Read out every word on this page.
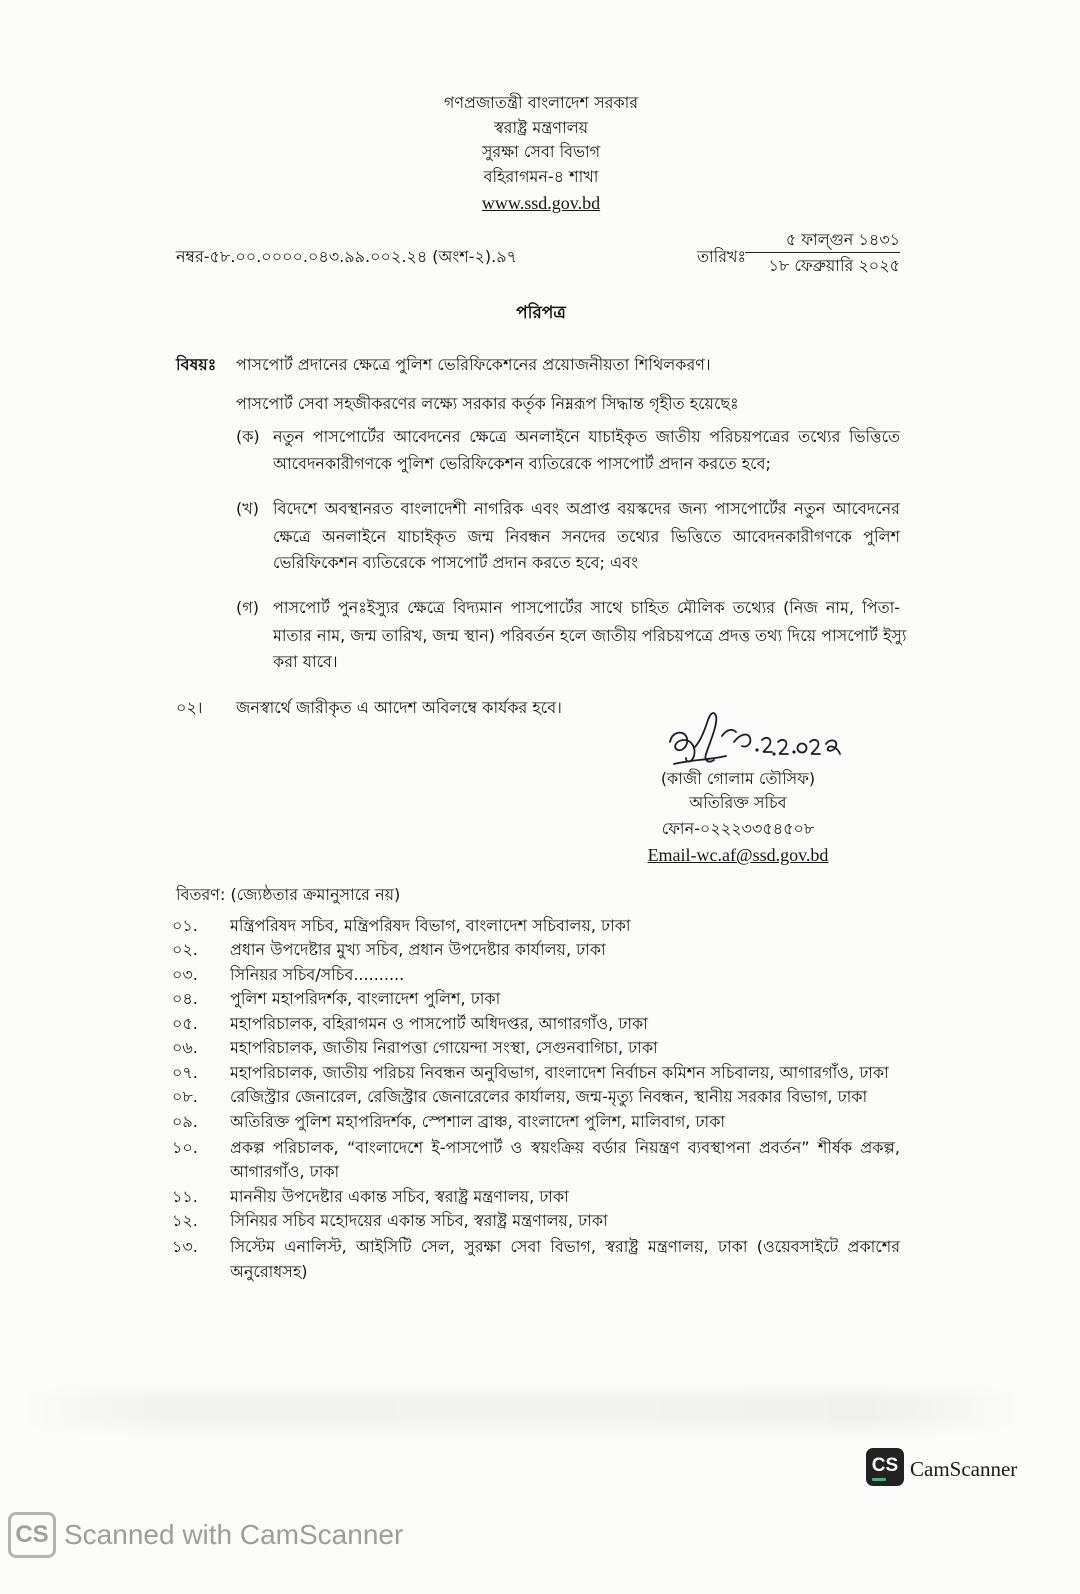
গণপ্রজাতন্ত্রী বাংলাদেশ সরকার

স্বরাষ্ট্র মন্ত্রণালয়

সুরক্ষা সেবা বিভাগ

বহিরাগমন-৪ শাখা

www.ssd.gov.bd

নম্বর-৫৮.০০.০০০০.০৪৩.৯৯.০০২.২৪ (অংশ-২).৯৭	তারিখঃ

৫ ফাল্গুন ১৪৩১

১৮ ফেব্রুয়ারি ২০২৫

পরিপত্র

বিষয়ঃ পাসপোর্ট প্রদানের ক্ষেত্রে পুলিশ ভেরিফিকেশনের প্রয়োজনীয়তা শিথিলকরণ।

পাসপোর্ট সেবা সহজীকরণের লক্ষ্যে সরকার কর্তৃক নিম্নরূপ সিদ্ধান্ত গৃহীত হয়েছেঃ

(ক) নতুন পাসপোর্টের আবেদনের ক্ষেত্রে অনলাইনে যাচাইকৃত জাতীয় পরিচয়পত্রের তথ্যের ভিত্তিতে

আবেদনকারীগণকে পুলিশ ভেরিফিকেশন ব্যতিরেকে পাসপোর্ট প্রদান করতে হবে;

(খ) বিদেশে অবস্থানরত বাংলাদেশী নাগরিক এবং অপ্রাপ্ত বয়স্কদের জন্য পাসপোর্টের নতুন আবেদনের

ক্ষেত্রে অনলাইনে যাচাইকৃত জন্ম নিবন্ধন সনদের তথ্যের ভিত্তিতে আবেদনকারীগণকে পুলিশ

ভেরিফিকেশন ব্যতিরেকে পাসপোর্ট প্রদান করতে হবে; এবং

(গ) পাসপোর্ট পুনঃইস্যুর ক্ষেত্রে বিদ্যমান পাসপোর্টের সাথে চাহিত মৌলিক তথ্যের (নিজ নাম, পিতা-

মাতার নাম, জন্ম তারিখ, জন্ম স্থান) পরিবর্তন হলে জাতীয় পরিচয়পত্রে প্রদত্ত তথ্য দিয়ে পাসপোর্ট ইস্যু

করা যাবে।

০২। জনস্বার্থে জারীকৃত এ আদেশ অবিলম্বে কার্যকর হবে।

(কাজী গোলাম তৌসিফ)

অতিরিক্ত সচিব

ফোন-০২২২৩৩৫৪৫০৮

Email-wc.af@ssd.gov.bd

বিতরণ: (জ্যেষ্ঠতার ক্রমানুসারে নয়)

০১.	মন্ত্রিপরিষদ সচিব, মন্ত্রিপরিষদ বিভাগ, বাংলাদেশ সচিবালয়, ঢাকা

০২.	প্রধান উপদেষ্টার মুখ্য সচিব, প্রধান উপদেষ্টার কার্যালয়, ঢাকা

০৩.	সিনিয়র সচিব/সচিব..........

০৪.	পুলিশ মহাপরিদর্শক, বাংলাদেশ পুলিশ, ঢাকা

০৫.	মহাপরিচালক, বহিরাগমন ও পাসপোর্ট অধিদপ্তর, আগারগাঁও, ঢাকা

০৬.	মহাপরিচালক, জাতীয় নিরাপত্তা গোয়েন্দা সংস্থা, সেগুনবাগিচা, ঢাকা

০৭.	মহাপরিচালক, জাতীয় পরিচয় নিবন্ধন অনুবিভাগ, বাংলাদেশ নির্বাচন কমিশন সচিবালয়, আগারগাঁও, ঢাকা

০৮.	রেজিস্ট্রার জেনারেল, রেজিস্ট্রার জেনারেলের কার্যালয়, জন্ম-মৃত্যু নিবন্ধন, স্থানীয় সরকার বিভাগ, ঢাকা

০৯.	অতিরিক্ত পুলিশ মহাপরিদর্শক, স্পেশাল ব্রাঞ্চ, বাংলাদেশ পুলিশ, মালিবাগ, ঢাকা

১০.	প্রকল্প পরিচালক, “বাংলাদেশে ই-পাসপোর্ট ও স্বয়ংক্রিয় বর্ডার নিয়ন্ত্রণ ব্যবস্থাপনা প্রবর্তন” শীর্ষক প্রকল্প,

আগারগাঁও, ঢাকা

১১.	মাননীয় উপদেষ্টার একান্ত সচিব, স্বরাষ্ট্র মন্ত্রণালয়, ঢাকা

১২.	সিনিয়র সচিব মহোদয়ের একান্ত সচিব, স্বরাষ্ট্র মন্ত্রণালয়, ঢাকা

১৩.	সিস্টেম এনালিস্ট, আইসিটি সেল, সুরক্ষা সেবা বিভাগ, স্বরাষ্ট্র মন্ত্রণালয়, ঢাকা (ওয়েবসাইটে প্রকাশের

অনুরোধসহ)

CS CamScanner
CS Scanned with CamScanner
